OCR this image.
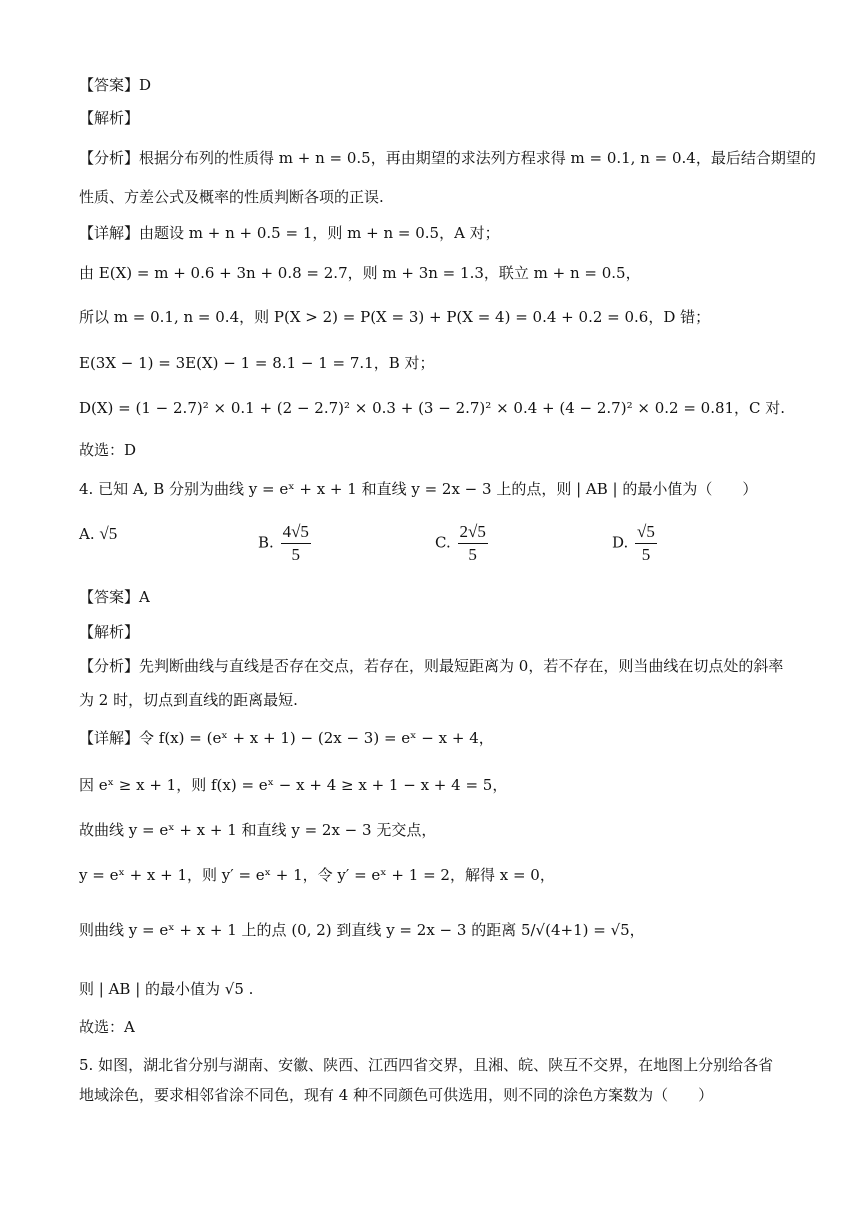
【答案】D
【解析】
【分析】根据分布列的性质得 m + n = 0.5，再由期望的求法列方程求得 m = 0.1, n = 0.4，最后结合期望的
性质、方差公式及概率的性质判断各项的正误.
【详解】由题设 m + n + 0.5 = 1，则 m + n = 0.5，A 对；
由 E(X) = m + 0.6 + 3n + 0.8 = 2.7，则 m + 3n = 1.3，联立 m + n = 0.5，
所以 m = 0.1, n = 0.4，则 P(X > 2) = P(X = 3) + P(X = 4) = 0.4 + 0.2 = 0.6，D 错；
E(3X − 1) = 3E(X) − 1 = 8.1 − 1 = 7.1，B 对；
D(X) = (1 − 2.7)² × 0.1 + (2 − 2.7)² × 0.3 + (3 − 2.7)² × 0.4 + (4 − 2.7)² × 0.2 = 0.81，C 对.
故选：D
4. 已知 A, B 分别为曲线 y = eˣ + x + 1 和直线 y = 2x − 3 上的点，则 | AB | 的最小值为（　　）
A. √5	B. $\frac{4√5}{5}$	C. $\frac{2√5}{5}$	D. $\frac{√5}{5}$
【答案】A
【解析】
【分析】先判断曲线与直线是否存在交点，若存在，则最短距离为 0，若不存在，则当曲线在切点处的斜率
为 2 时，切点到直线的距离最短.
【详解】令 f(x) = (eˣ + x + 1) − (2x − 3) = eˣ − x + 4，
因 eˣ ≥ x + 1，则 f(x) = eˣ − x + 4 ≥ x + 1 − x + 4 = 5，
故曲线 y = eˣ + x + 1 和直线 y = 2x − 3 无交点，
y = eˣ + x + 1，则 y′ = eˣ + 1，令 y′ = eˣ + 1 = 2，解得 x = 0，
则曲线 y = eˣ + x + 1 上的点 (0, 2) 到直线 y = 2x − 3 的距离 5/√(4+1) = √5，
则 | AB | 的最小值为 √5 .
故选：A
5. 如图，湖北省分别与湖南、安徽、陕西、江西四省交界，且湘、皖、陕互不交界，在地图上分别给各省
地域涂色，要求相邻省涂不同色，现有 4 种不同颜色可供选用，则不同的涂色方案数为（　　）
